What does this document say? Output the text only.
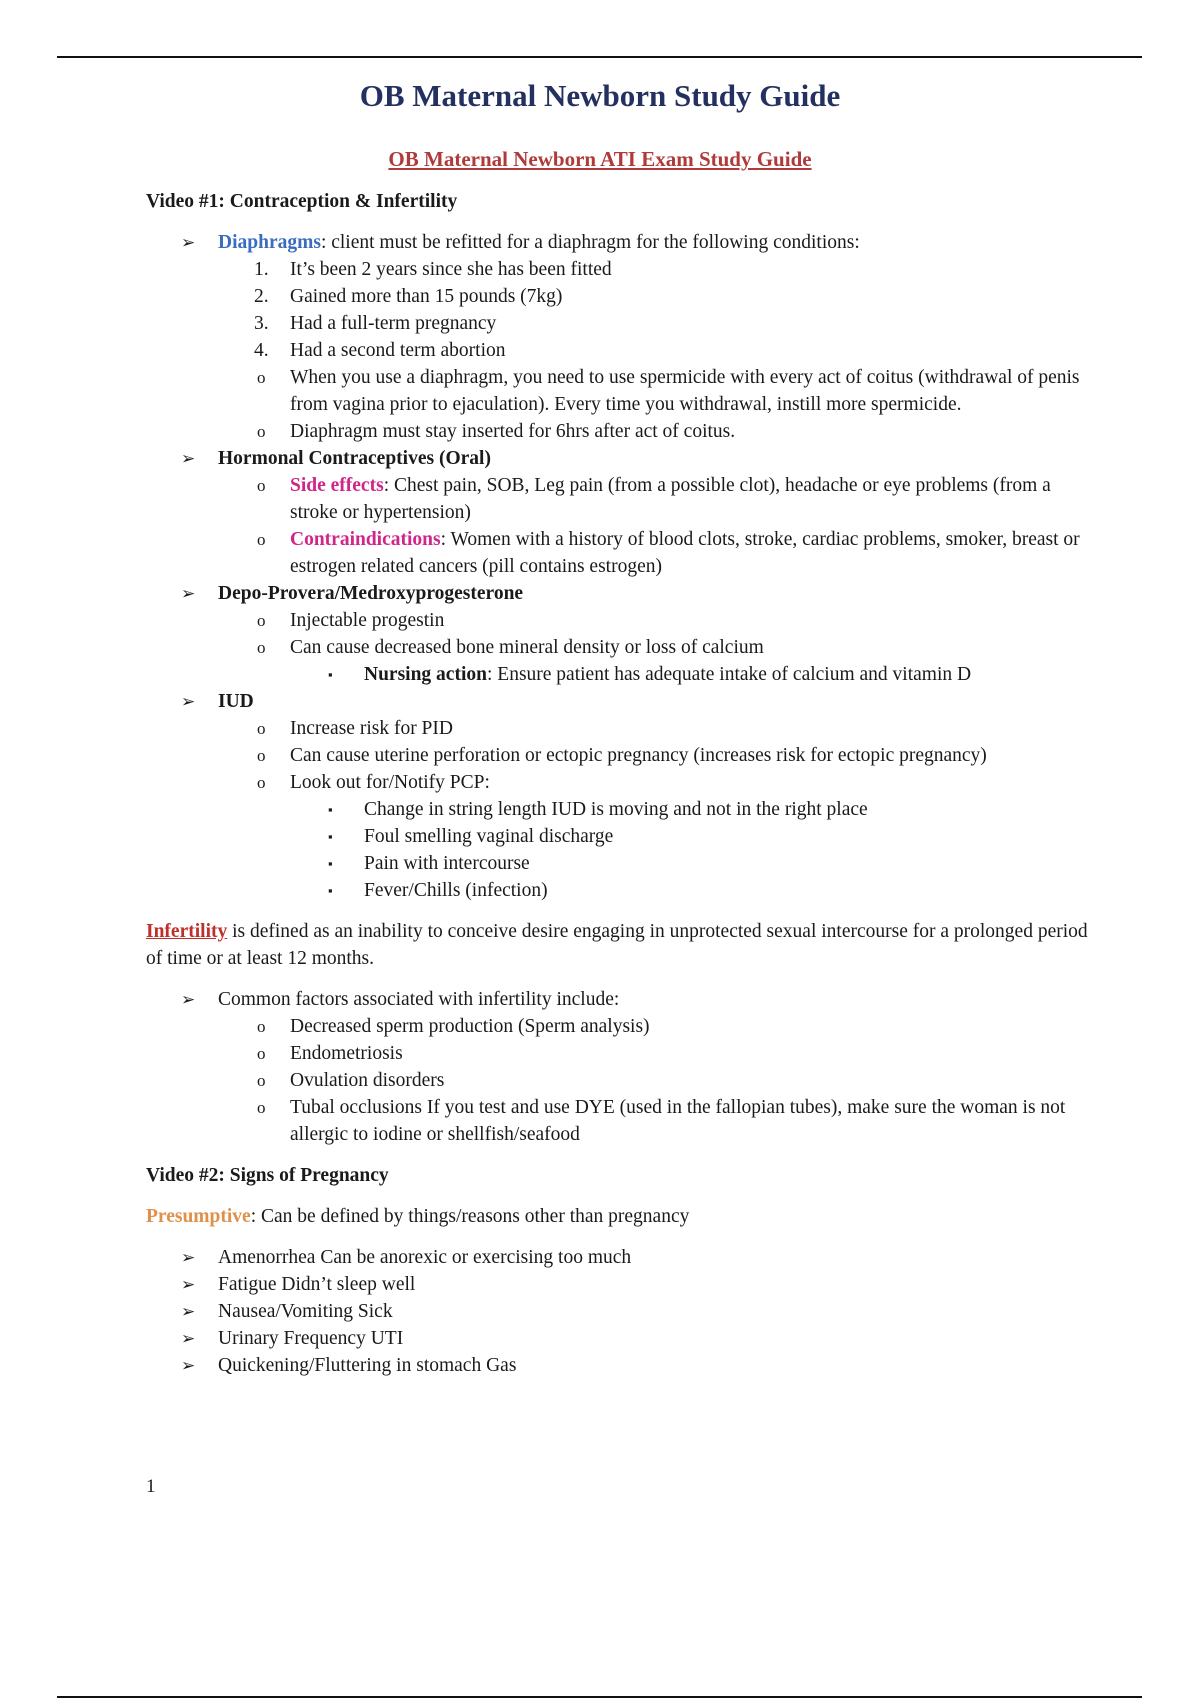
OB Maternal Newborn Study Guide
OB Maternal Newborn ATI Exam Study Guide

Video #1: Contraception & Infertility

➢ Diaphragms: client must be refitted for a diaphragm for the following conditions:
1. It’s been 2 years since she has been fitted
2. Gained more than 15 pounds (7kg)
3. Had a full-term pregnancy
4. Had a second term abortion
o When you use a diaphragm, you need to use spermicide with every act of coitus (withdrawal of penis from vagina prior to ejaculation). Every time you withdrawal, instill more spermicide.
o Diaphragm must stay inserted for 6hrs after act of coitus.
➢ Hormonal Contraceptives (Oral)
o Side effects: Chest pain, SOB, Leg pain (from a possible clot), headache or eye problems (from a stroke or hypertension)
o Contraindications: Women with a history of blood clots, stroke, cardiac problems, smoker, breast or estrogen related cancers (pill contains estrogen)
➢ Depo-Provera/Medroxyprogesterone
o Injectable progestin
o Can cause decreased bone mineral density or loss of calcium
▪ Nursing action: Ensure patient has adequate intake of calcium and vitamin D
➢ IUD
o Increase risk for PID
o Can cause uterine perforation or ectopic pregnancy (increases risk for ectopic pregnancy)
o Look out for/Notify PCP:
▪ Change in string length IUD is moving and not in the right place
▪ Foul smelling vaginal discharge
▪ Pain with intercourse
▪ Fever/Chills (infection)

Infertility is defined as an inability to conceive desire engaging in unprotected sexual intercourse for a prolonged period of time or at least 12 months.

➢ Common factors associated with infertility include:
o Decreased sperm production (Sperm analysis)
o Endometriosis
o Ovulation disorders
o Tubal occlusions If you test and use DYE (used in the fallopian tubes), make sure the woman is not allergic to iodine or shellfish/seafood

Video #2: Signs of Pregnancy

Presumptive: Can be defined by things/reasons other than pregnancy

➢ Amenorrhea Can be anorexic or exercising too much
➢ Fatigue Didn’t sleep well
➢ Nausea/Vomiting Sick
➢ Urinary Frequency UTI
➢ Quickening/Fluttering in stomach Gas
1
